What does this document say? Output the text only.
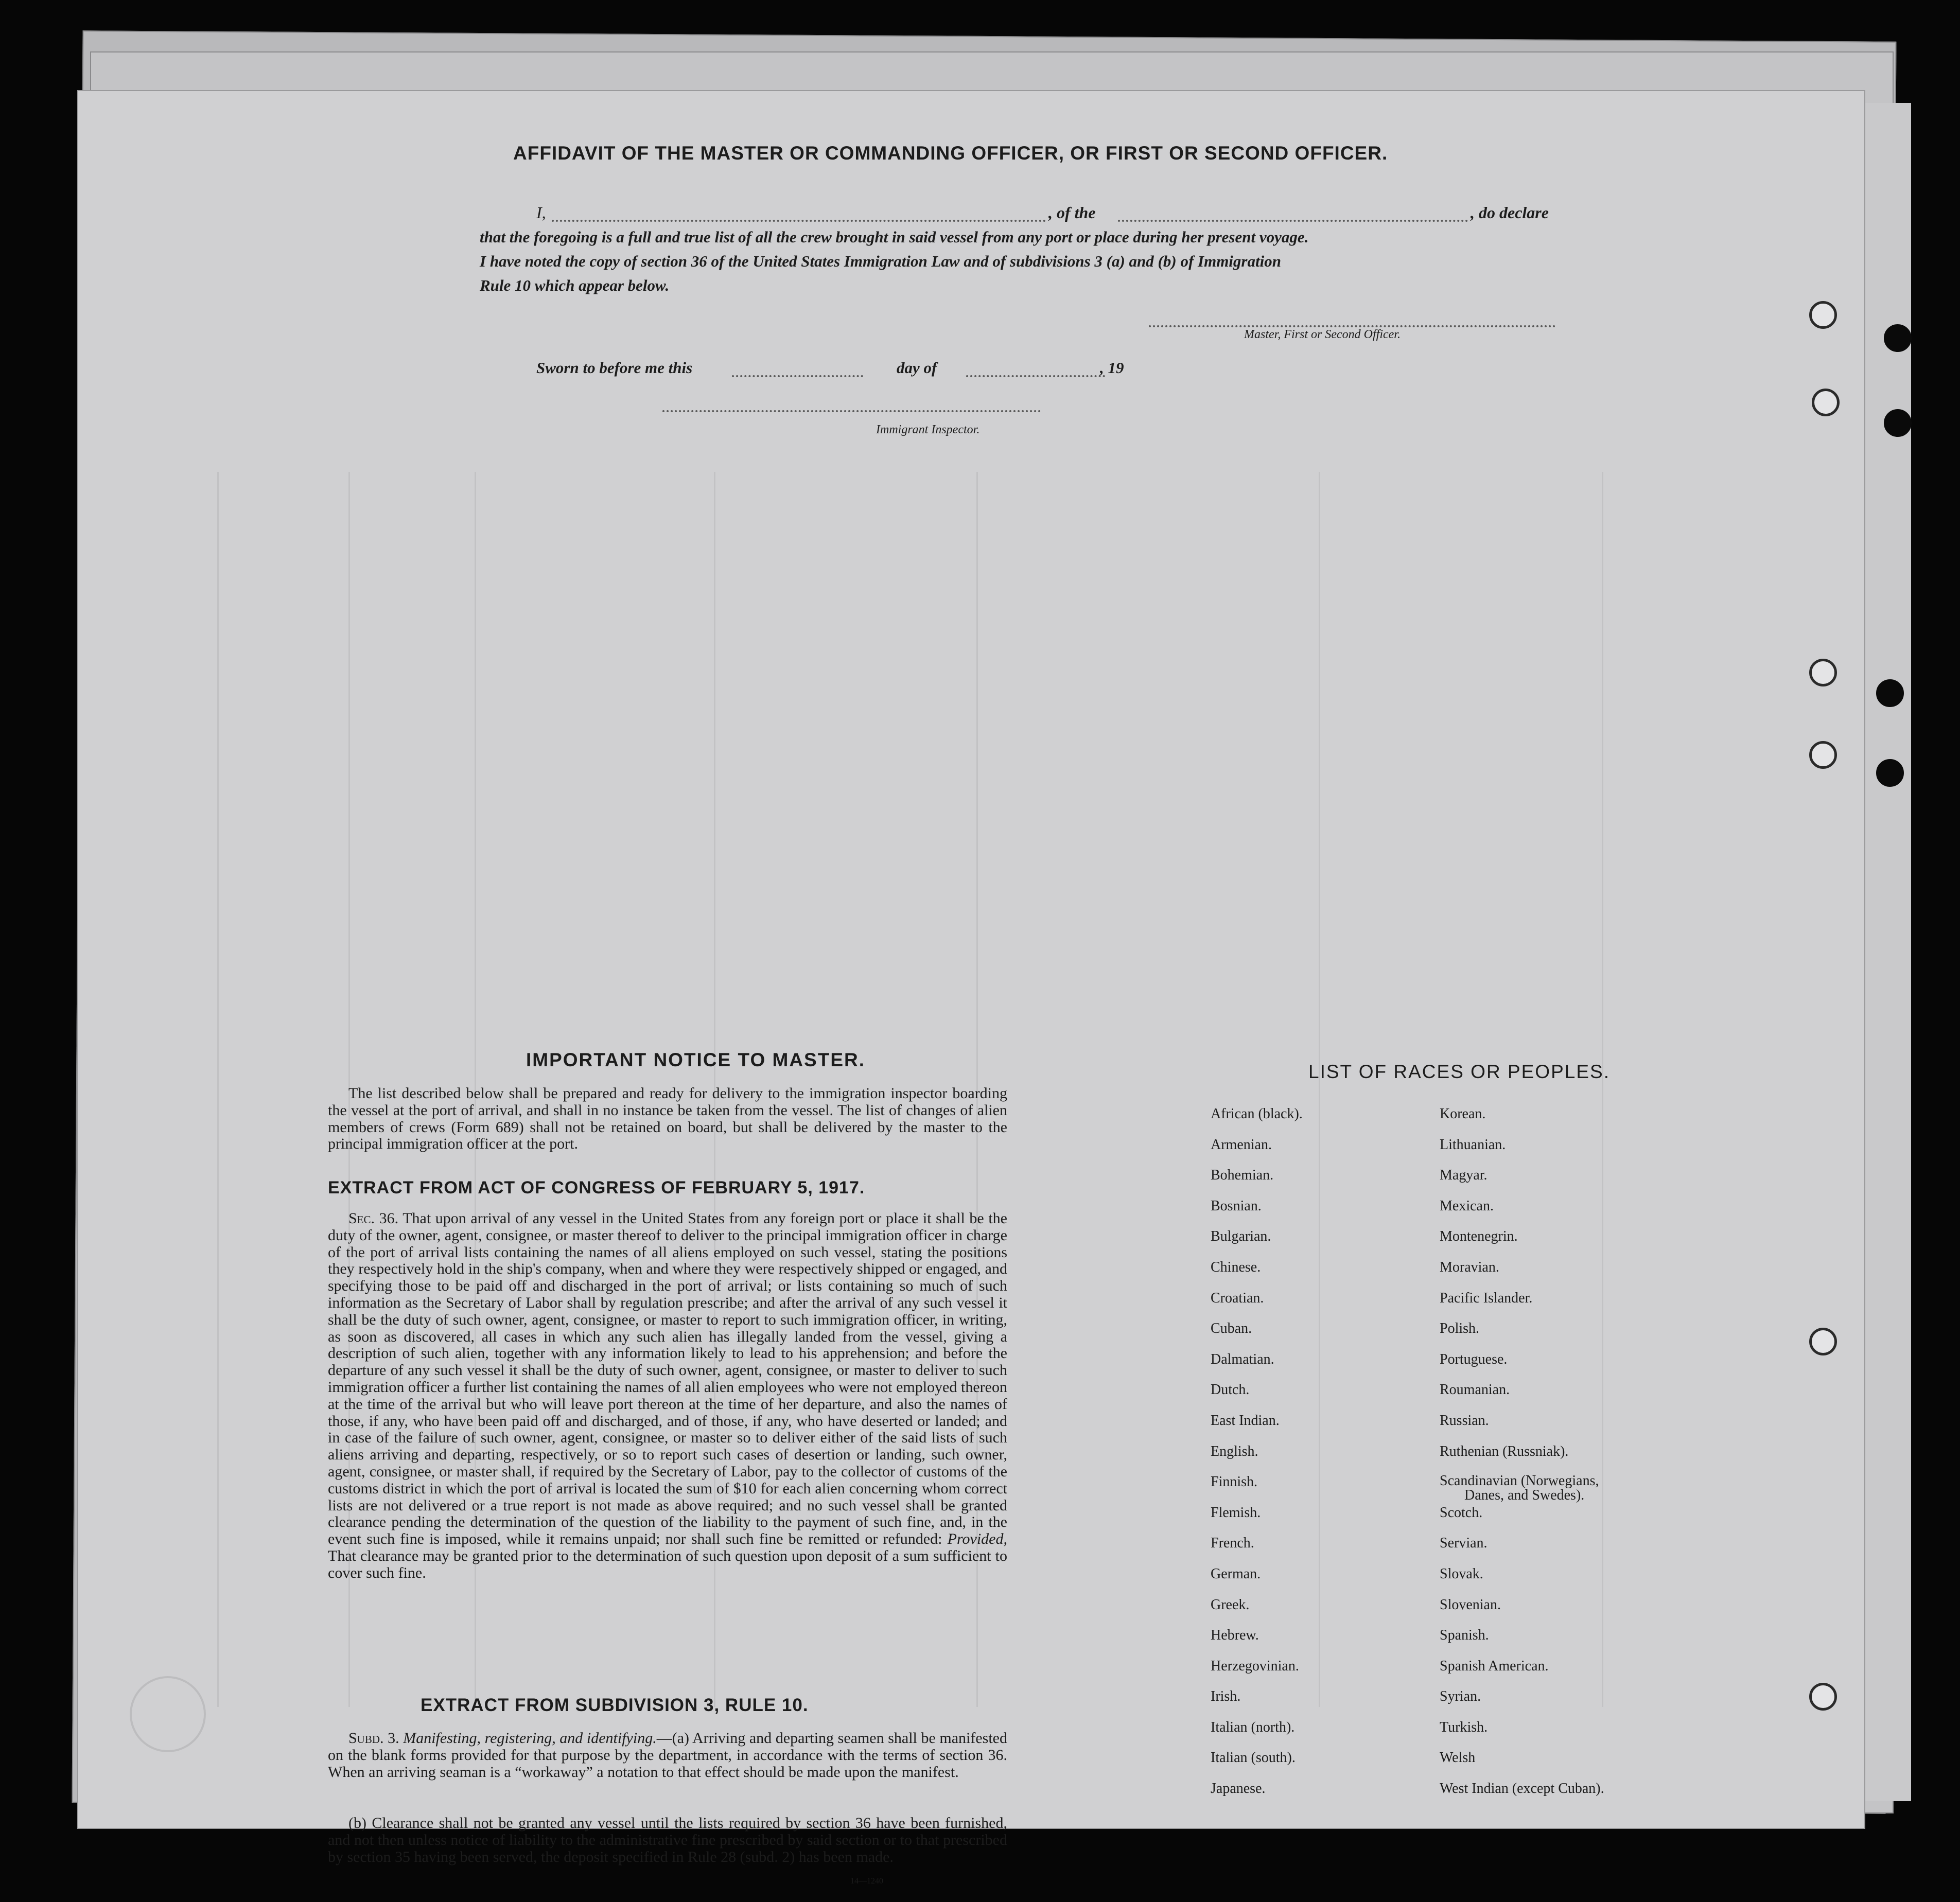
AFFIDAVIT OF THE MASTER OR COMMANDING OFFICER, OR FIRST OR SECOND OFFICER.
I,	, of the	, do declare
that the foregoing is a full and true list of all the crew brought in said vessel from any port or place during her present voyage.
I have noted the copy of section 36 of the United States Immigration Law and of subdivisions 3 (a) and (b) of Immigration
Rule 10 which appear below.
Master, First or Second Officer.
Sworn to before me this	day of	, 19
Immigrant Inspector.
IMPORTANT NOTICE TO MASTER.
The list described below shall be prepared and ready for delivery to the immigration inspector boarding the vessel at the port of arrival, and shall in no instance be taken from the vessel. The list of changes of alien members of crews (Form 689) shall not be retained on board, but shall be delivered by the master to the principal immigration officer at the port.
EXTRACT FROM ACT OF CONGRESS OF FEBRUARY 5, 1917.
Sec. 36. That upon arrival of any vessel in the United States from any foreign port or place it shall be the duty of the owner, agent, consignee, or master thereof to deliver to the principal immigration officer in charge of the port of arrival lists containing the names of all aliens employed on such vessel, stating the positions they respectively hold in the ship's company, when and where they were respectively shipped or engaged, and specifying those to be paid off and discharged in the port of arrival; or lists containing so much of such information as the Secretary of Labor shall by regulation prescribe; and after the arrival of any such vessel it shall be the duty of such owner, agent, consignee, or master to report to such immigration officer, in writing, as soon as discovered, all cases in which any such alien has illegally landed from the vessel, giving a description of such alien, together with any information likely to lead to his apprehension; and before the departure of any such vessel it shall be the duty of such owner, agent, consignee, or master to deliver to such immigration officer a further list containing the names of all alien employees who were not employed thereon at the time of the arrival but who will leave port thereon at the time of her departure, and also the names of those, if any, who have been paid off and discharged, and of those, if any, who have deserted or landed; and in case of the failure of such owner, agent, consignee, or master so to deliver either of the said lists of such aliens arriving and departing, respectively, or so to report such cases of desertion or landing, such owner, agent, consignee, or master shall, if required by the Secretary of Labor, pay to the collector of customs of the customs district in which the port of arrival is located the sum of $10 for each alien concerning whom correct lists are not delivered or a true report is not made as above required; and no such vessel shall be granted clearance pending the determination of the question of the liability to the payment of such fine, and, in the event such fine is imposed, while it remains unpaid; nor shall such fine be remitted or refunded: Provided, That clearance may be granted prior to the determination of such question upon deposit of a sum sufficient to cover such fine.
EXTRACT FROM SUBDIVISION 3, RULE 10.
Subd. 3. Manifesting, registering, and identifying.—(a) Arriving and departing seamen shall be manifested on the blank forms provided for that purpose by the department, in accordance with the terms of section 36. When an arriving seaman is a “workaway” a notation to that effect should be made upon the manifest.
(b) Clearance shall not be granted any vessel until the lists required by section 36 have been furnished, and not then unless notice of liability to the administrative fine prescribed by said section or to that prescribed by section 35 having been served, the deposit specified in Rule 28 (subd. 2) has been made.
14—1240
LIST OF RACES OR PEOPLES.
African (black).
Armenian.
Bohemian.
Bosnian.
Bulgarian.
Chinese.
Croatian.
Cuban.
Dalmatian.
Dutch.
East Indian.
English.
Finnish.
Flemish.
French.
German.
Greek.
Hebrew.
Herzegovinian.
Irish.
Italian (north).
Italian (south).
Japanese.
Korean.
Lithuanian.
Magyar.
Mexican.
Montenegrin.
Moravian.
Pacific Islander.
Polish.
Portuguese.
Roumanian.
Russian.
Ruthenian (Russniak).
Scandinavian (Norwegians,
Danes, and Swedes).
Scotch.
Servian.
Slovak.
Slovenian.
Spanish.
Spanish American.
Syrian.
Turkish.
Welsh
West Indian (except Cuban).
